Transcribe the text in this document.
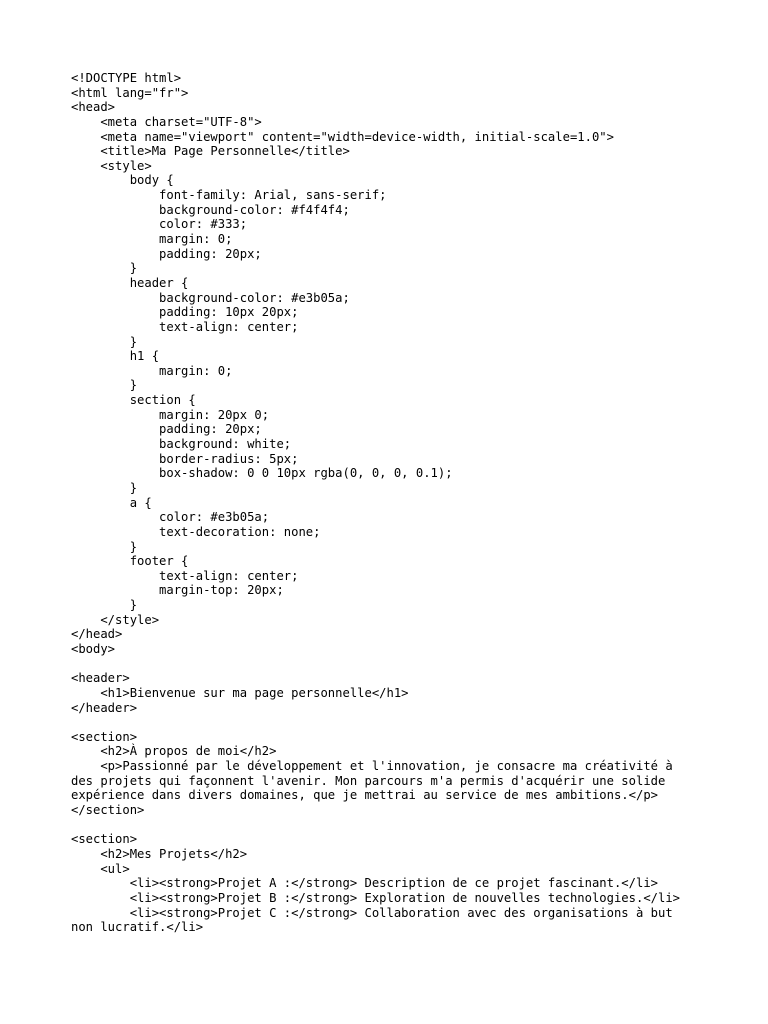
<!DOCTYPE html>
<html lang="fr">
<head>
<meta charset="UTF-8">
<meta name="viewport" content="width=device-width, initial-scale=1.0">
<title>Ma Page Personnelle</title>
<style>
body {
font-family: Arial, sans-serif;
background-color: #f4f4f4;
color: #333;
margin: 0;
padding: 20px;
}
header {
background-color: #e3b05a;
padding: 10px 20px;
text-align: center;
}
h1 {
margin: 0;
}
section {
margin: 20px 0;
padding: 20px;
background: white;
border-radius: 5px;
box-shadow: 0 0 10px rgba(0, 0, 0, 0.1);
}
a {
color: #e3b05a;
text-decoration: none;
}
footer {
text-align: center;
margin-top: 20px;
}
</style>
</head>
<body>
<header>
<h1>Bienvenue sur ma page personnelle</h1>
</header>
<section>
<h2>À propos de moi</h2>
<p>Passionné par le développement et l'innovation, je consacre ma créativité à
des projets qui façonnent l'avenir. Mon parcours m'a permis d'acquérir une solide
expérience dans divers domaines, que je mettrai au service de mes ambitions.</p>
</section>
<section>
<h2>Mes Projets</h2>
<ul>
<li><strong>Projet A :</strong> Description de ce projet fascinant.</li>
<li><strong>Projet B :</strong> Exploration de nouvelles technologies.</li>
<li><strong>Projet C :</strong> Collaboration avec des organisations à but
non lucratif.</li>
